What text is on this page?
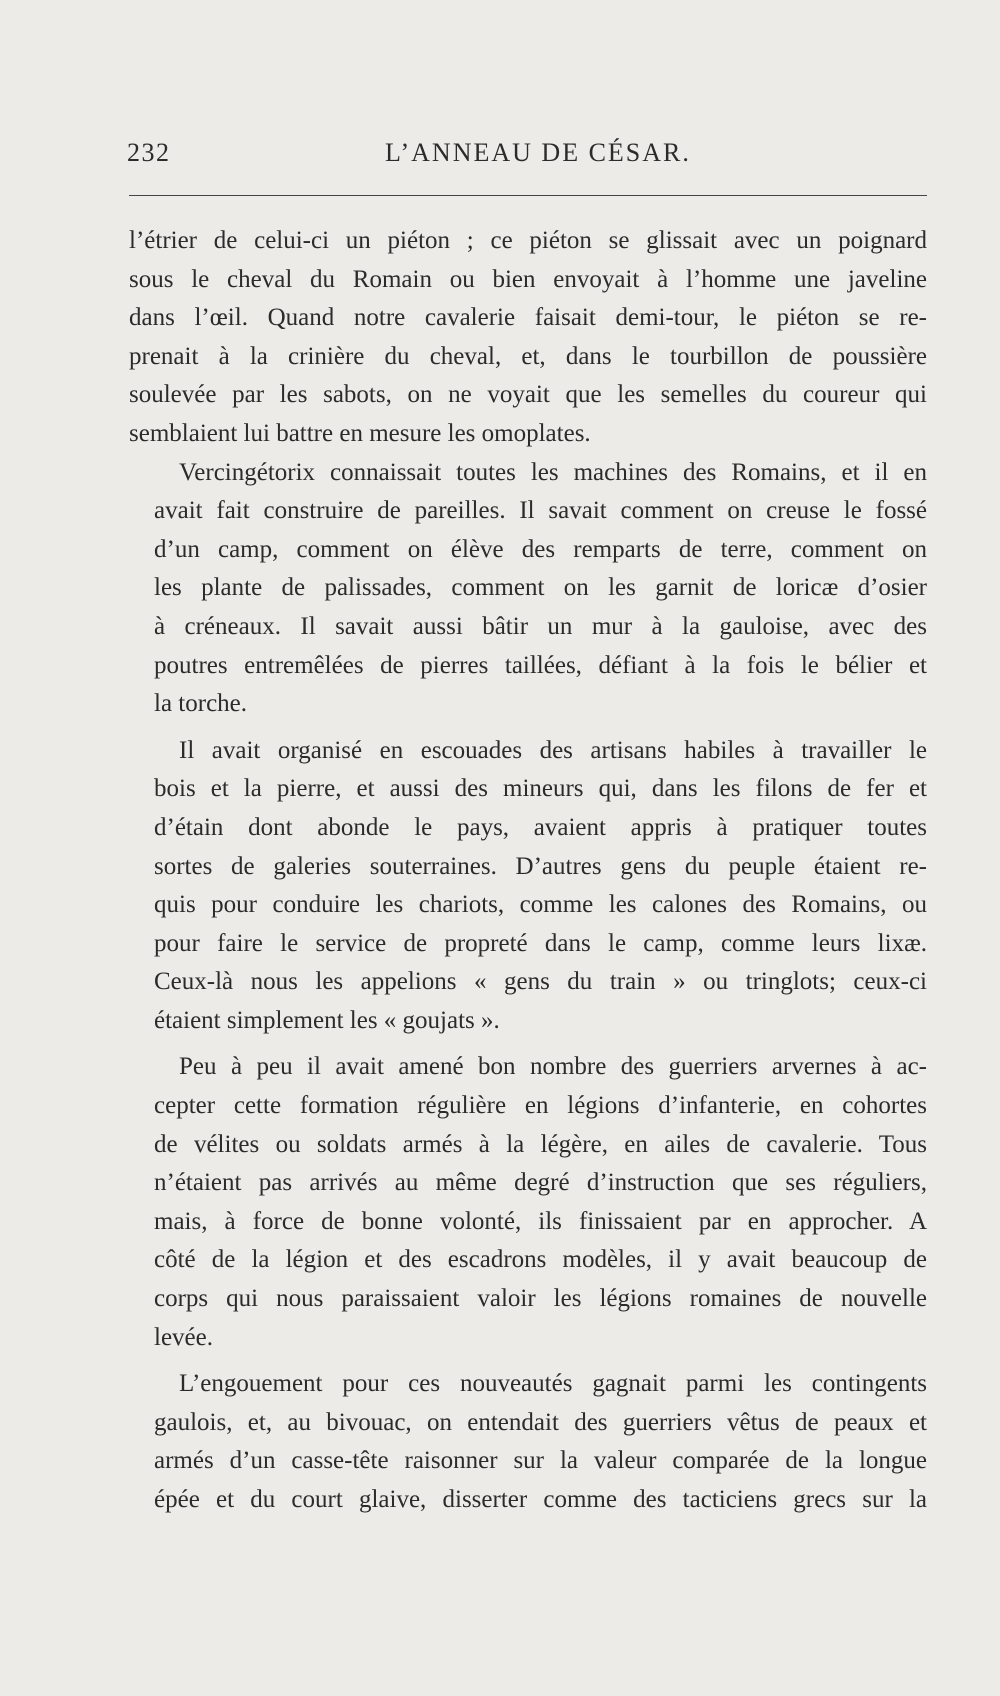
232	L’ANNEAU DE CÉSAR.
l’étrier de celui-ci un piéton ; ce piéton se glissait avec un poignard
sous le cheval du Romain ou bien envoyait à l’homme une javeline
dans l’œil. Quand notre cavalerie faisait demi-tour, le piéton se re-
prenait à la crinière du cheval, et, dans le tourbillon de poussière
soulevée par les sabots, on ne voyait que les semelles du coureur qui
semblaient lui battre en mesure les omoplates.
Vercingétorix connaissait toutes les machines des Romains, et il en
avait fait construire de pareilles. Il savait comment on creuse le fossé
d’un camp, comment on élève des remparts de terre, comment on
les plante de palissades, comment on les garnit de loricæ d’osier
à créneaux. Il savait aussi bâtir un mur à la gauloise, avec des
poutres entremêlées de pierres taillées, défiant à la fois le bélier et
la torche.
Il avait organisé en escouades des artisans habiles à travailler le
bois et la pierre, et aussi des mineurs qui, dans les filons de fer et
d’étain dont abonde le pays, avaient appris à pratiquer toutes
sortes de galeries souterraines. D’autres gens du peuple étaient re-
quis pour conduire les chariots, comme les calones des Romains, ou
pour faire le service de propreté dans le camp, comme leurs lixæ.
Ceux-là nous les appelions « gens du train » ou tringlots; ceux-ci
étaient simplement les « goujats ».
Peu à peu il avait amené bon nombre des guerriers arvernes à ac-
cepter cette formation régulière en légions d’infanterie, en cohortes
de vélites ou soldats armés à la légère, en ailes de cavalerie. Tous
n’étaient pas arrivés au même degré d’instruction que ses réguliers,
mais, à force de bonne volonté, ils finissaient par en approcher. A
côté de la légion et des escadrons modèles, il y avait beaucoup de
corps qui nous paraissaient valoir les légions romaines de nouvelle
levée.
L’engouement pour ces nouveautés gagnait parmi les contingents
gaulois, et, au bivouac, on entendait des guerriers vêtus de peaux et
armés d’un casse-tête raisonner sur la valeur comparée de la longue
épée et du court glaive, disserter comme des tacticiens grecs sur la
